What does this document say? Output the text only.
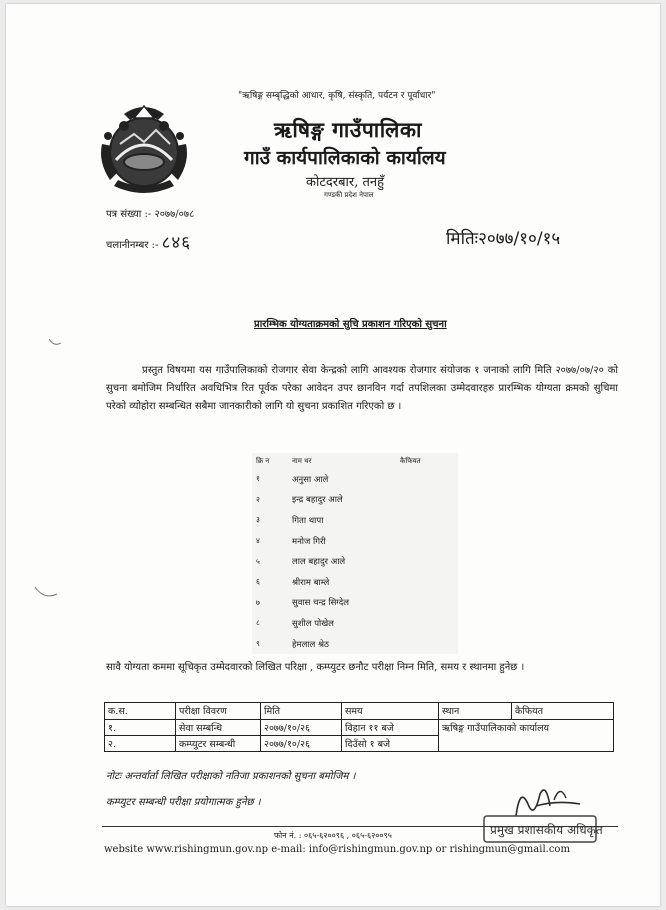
"ऋषिङ्ग सम्बृद्धिको आधार, कृषि, संस्कृति, पर्यटन र पूर्वाधार"
ऋषिङ्ग गाउँपालिका
गाउँ कार्यपालिकाको कार्यालय
कोटदरबार, तनहुँ
गण्डकी प्रदेश नेपाल
पत्र संख्या :- २०७७/०७८
चलानीनम्बर :- ८४६	मितिः२०७७/१०/१५
प्रारम्भिक योग्यताक्रमको सुचि प्रकाशन गरिएको सुचना
प्रस्तुत विषयमा यस गाउँपालिकाको रोजगार सेवा केन्द्रको लागि आवश्यक रोजगार संयोजक १ जनाको लागि मिति २०७७/०७/२० को सुचना बमोजिम निर्धारित अवधिभित्र रित पूर्वक परेका आवेदन उपर छानविन गर्दा तपशिलका उम्मेदवारहरु प्रारम्भिक योग्यता क्रमको सुचिमा परेको व्योहोरा सम्बन्धित सबैमा जानकारीको लागि यो सुचना प्रकाशित गरिएको छ ।
क्रि न	नाम थर	कैफियत
१	अनुसा आले	
२	इन्द्र बहादुर आले	
३	गिता थापा	
४	मनोज गिरी	
५	लाल बहादुर आले	
६	श्रीराम बाम्ले	
७	सुवास चन्द्र सिग्देल	
८	सुशील पोखेल	
९	हेमलाल श्रेठ	
सावै योग्यता कममा सूचिकृत उम्मेदवारको लिखित परिक्षा , कम्प्युटर छनौट परीक्षा निम्न मिति, समय र स्थानमा हुनेछ ।
क.स.	परीक्षा विवरण	मिति	समय	स्थान	कैफियत
१.	सेवा सम्बन्धि	२०७७/१०/२६	विहान ११ बजे	ऋषिङ्ग गाउँपालिकाको कार्यालय	
२.	कम्प्युटर सम्बन्धी	२०७७/१०/२६	दिउँसो १ बजे		
नोटः अन्तर्वार्ता लिखित परीक्षाको नतिजा प्रकाशनको सुचना बमोजिम ।
कम्प्युटर सम्बन्धी परीक्षा प्रयोगात्मक हुनेछ ।
प्रमुख प्रशासकीय अधिकृत
फोन नं. : ०६५-६२००९६ , ०६५-६२००९५
website www.rishingmun.gov.np e-mail: info@rishingmun.gov.np or rishingmun@gmail.com
